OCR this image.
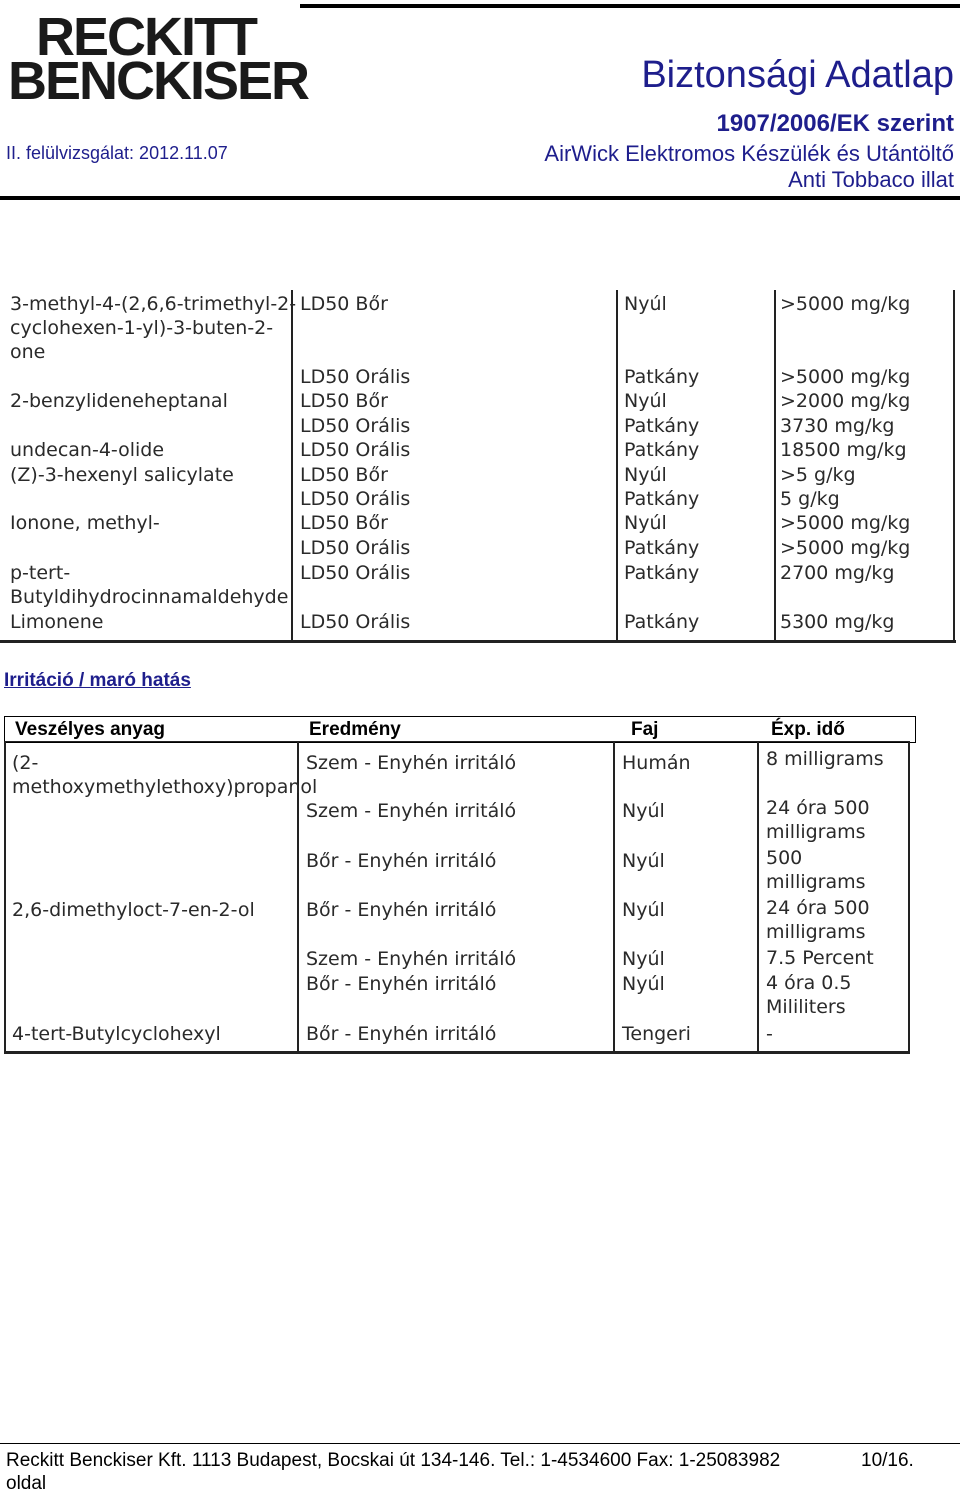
RECKITT
BENCKISER	Biztonsági Adatlap
1907/2006/EK szerint
II. felülvizsgálat: 2012.11.07	AirWick Elektromos Készülék és Utántöltő
Anti Tobbaco illat
3-methyl-4-(2,6,6-trimethyl-2-
cyclohexen-1-yl)-3-buten-2-
one
LD50 Bőr	Nyúl	>5000 mg/kg
LD50 Orális	Patkány	>5000 mg/kg
2-benzylideneheptanal	LD50 Bőr	Nyúl	>2000 mg/kg
LD50 Orális	Patkány	3730 mg/kg
undecan-4-olide	LD50 Orális	Patkány	18500 mg/kg
(Z)-3-hexenyl salicylate	LD50 Bőr	Nyúl	>5 g/kg
LD50 Orális	Patkány	5 g/kg
Ionone, methyl-	LD50 Bőr	Nyúl	>5000 mg/kg
LD50 Orális	Patkány	>5000 mg/kg
p-tert-
Butyldihydrocinnamaldehyde
LD50 Orális	Patkány	2700 mg/kg
Limonene	LD50 Orális	Patkány	5300 mg/kg
Irritáció / maró hatás
Veszélyes anyag	Eredmény	Faj	Éxp. idő
(2-
methoxymethylethoxy)propanol
Szem - Enyhén irritáló	Humán	8 milligrams
Szem - Enyhén irritáló	Nyúl	24 óra 500
milligrams
Bőr - Enyhén irritáló	Nyúl	500
milligrams
2,6-dimethyloct-7-en-2-ol	Bőr - Enyhén irritáló	Nyúl	24 óra 500
milligrams
Szem - Enyhén irritáló	Nyúl	7.5 Percent
Bőr - Enyhén irritáló	Nyúl	4 óra 0.5
Mililiters
4-tert-Butylcyclohexyl	Bőr - Enyhén irritáló	Tengeri	-
Reckitt Benckiser Kft. 1113 Budapest, Bocskai út 134-146. Tel.: 1-4534600 Fax: 1-25083982	10/16.
oldal
